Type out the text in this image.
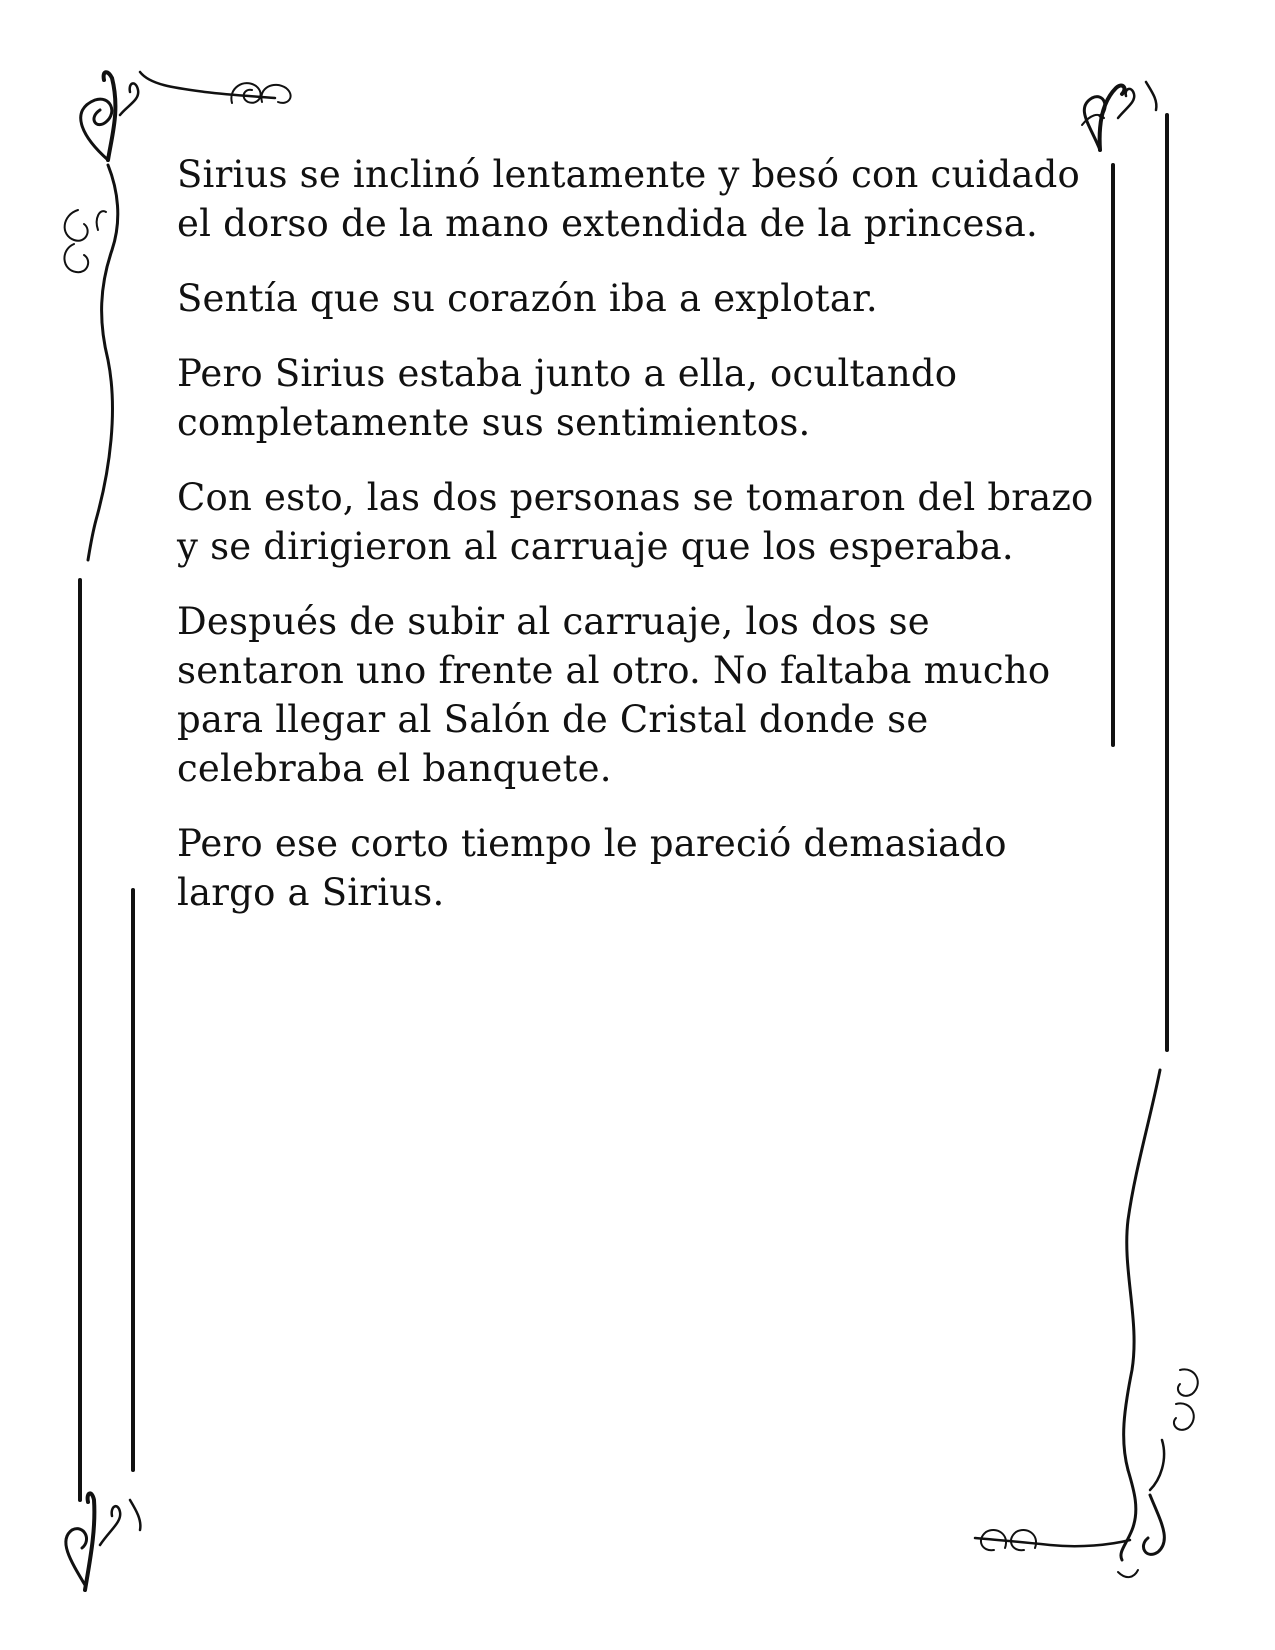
Sirius se inclinó lentamente y besó con cuidado
el dorso de la mano extendida de la princesa.

Sentía que su corazón iba a explotar.

Pero Sirius estaba junto a ella, ocultando
completamente sus sentimientos.

Con esto, las dos personas se tomaron del brazo
y se dirigieron al carruaje que los esperaba.

Después de subir al carruaje, los dos se
sentaron uno frente al otro. No faltaba mucho
para llegar al Salón de Cristal donde se
celebraba el banquete.

Pero ese corto tiempo le pareció demasiado
largo a Sirius.
